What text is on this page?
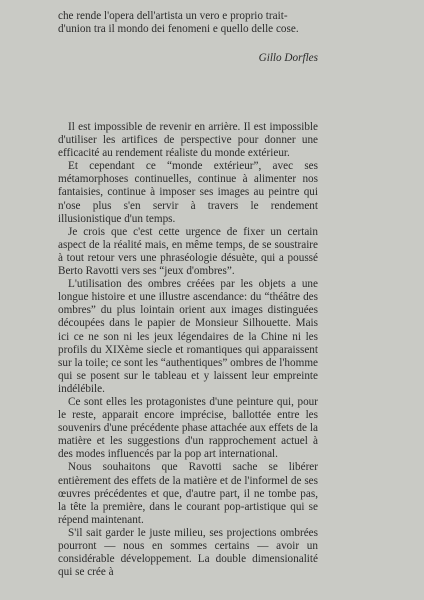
che rende l'opera dell'artista un vero e proprio trait-d'union tra il mondo dei fenomeni e quello delle cose.

Gillo Dorfles

Il est impossible de revenir en arrière. Il est impossible d'utiliser les artifices de perspective pour donner une efficacité au rendement réaliste du monde extérieur.

Et cependant ce “monde extérieur”, avec ses métamorphoses continuelles, continue à alimenter nos fantaisies, continue à imposer ses images au peintre qui n'ose plus s'en servir à travers le rendement illusionistique d'un temps.

Je crois que c'est cette urgence de fixer un certain aspect de la réalité mais, en même temps, de se soustraire à tout retour vers une phraséologie désuète, qui a poussé Berto Ravotti vers ses “jeux d'ombres”.

L'utilisation des ombres créées par les objets a une longue histoire et une illustre ascendance: du “théâtre des ombres” du plus lointain orient aux images distinguées découpées dans le papier de Monsieur Silhouette. Mais ici ce ne son ni les jeux légendaires de la Chine ni les profils du XIXème siecle et romantiques qui apparaissent sur la toile; ce sont les “authentiques” ombres de l'homme qui se posent sur le tableau et y laissent leur empreinte indélébile.

Ce sont elles les protagonistes d'une peinture qui, pour le reste, apparait encore imprécise, ballottée entre les souvenirs d'une précédente phase attachée aux effets de la matière et les suggestions d'un rapprochement actuel à des modes influencés par la pop art international.

Nous souhaitons que Ravotti sache se libérer entièrement des effets de la matière et de l'informel de ses œuvres précédentes et que, d'autre part, il ne tombe pas, la tête la première, dans le courant pop-artistique qui se répend maintenant.

S'il sait garder le juste milieu, ses projections ombrées pourront — nous en sommes certains — avoir un considérable développement. La double dimensionalité qui se crée à
